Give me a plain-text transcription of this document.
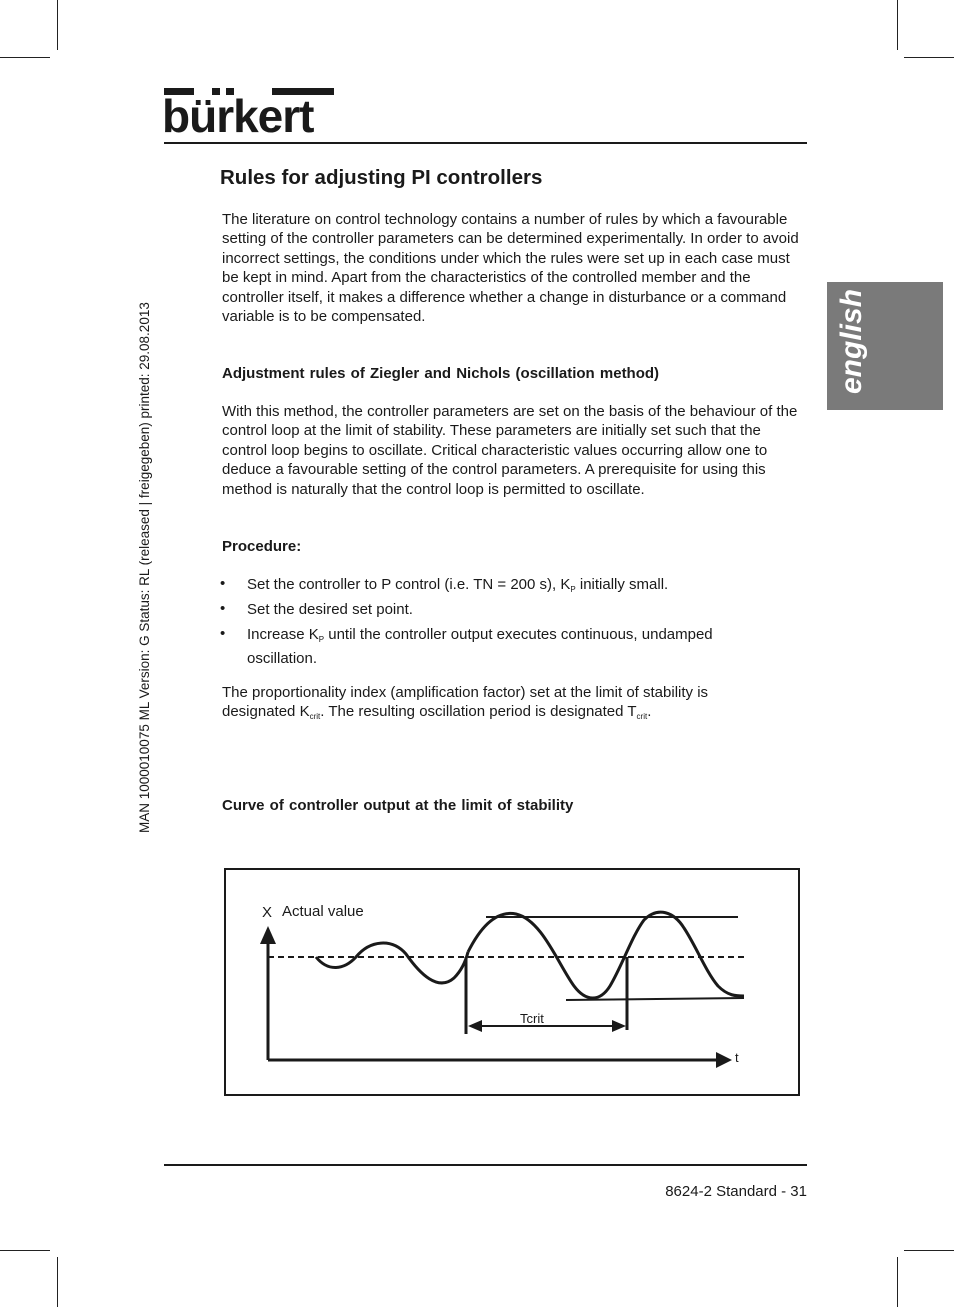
bürkert
MAN 1000010075 ML Version: G Status: RL (released | freigegeben) printed: 29.08.2013	english
Rules for adjusting PI controllers

The literature on control technology contains a number of rules by which a favourable setting of the controller parameters can be determined experimentally. In order to avoid incorrect settings, the conditions under which the rules were set up in each case must be kept in mind. Apart from the characteristics of the controlled member and the controller itself, it makes a difference whether a change in disturbance or a command variable is to be compensated.

Adjustment rules of Ziegler and Nichols (oscillation method)

With this method, the controller parameters are set on the basis of the behaviour of the control loop at the limit of stability. These parameters are initially set such that the control loop begins to oscillate. Critical characteristic values occurring allow one to deduce a favourable setting of the control parameters. A prerequisite for using this method is naturally that the control loop is permitted to oscillate.

Procedure:
• Set the controller to P control (i.e. TN = 200 s), $K_P$ initially small.

• Set the desired set point.

• Increase $K_P$ until the controller output executes continuous, undamped oscillation.

The proportionality index (amplification factor) set at the limit of stability is designated $K_{crit}$. The resulting oscillation period is designated $T_{crit}$.

Curve of controller output at the limit of stability
X Actual value
Tcrit
t
8624-2 Standard - 31
